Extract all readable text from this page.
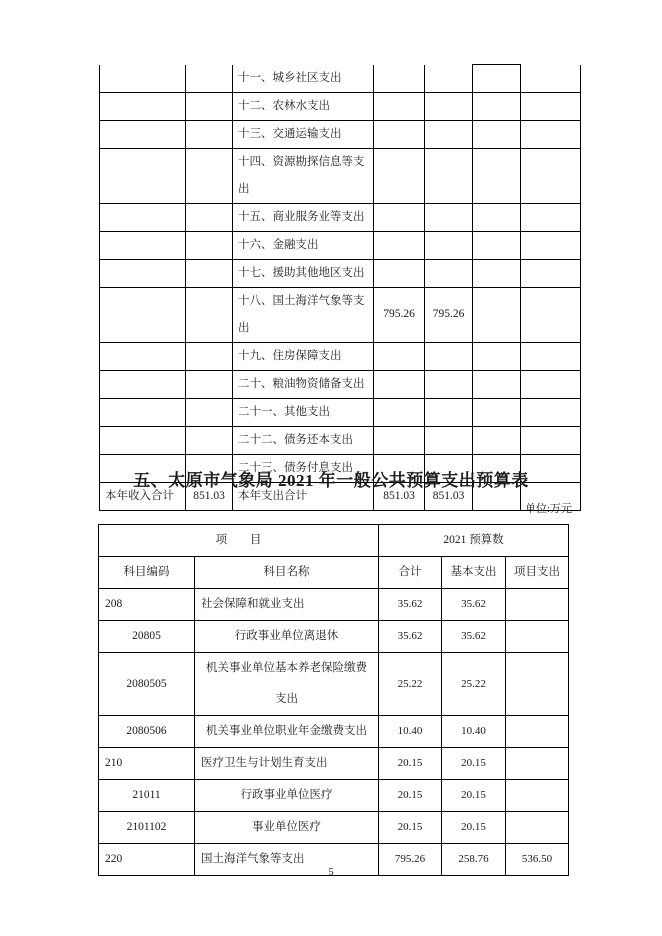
		十一、城乡社区支出				
		十二、农林水支出				
		十三、交通运输支出				
		十四、资源勘探信息等支出				
		十五、商业服务业等支出				
		十六、金融支出				
		十七、援助其他地区支出				
		十八、国土海洋气象等支出	795.26	795.26		
		十九、住房保障支出				
		二十、粮油物资储备支出				
		二十一、其他支出				
		二十二、债务还本支出				
		二十三、债务付息支出				
本年收入合计	851.03	本年支出合计	851.03	851.03		
五、太原市气象局 2021 年一般公共预算支出预算表
单位:万元
项 目		2021 预算数		
科目编码	科目名称	合计	基本支出	项目支出
208	社会保障和就业支出	35.62	35.62	
20805	行政事业单位离退休	35.62	35.62	
2080505	机关事业单位基本养老保险缴费支出	25.22	25.22	
2080506	机关事业单位职业年金缴费支出	10.40	10.40	
210	医疗卫生与计划生育支出	20.15	20.15	
21011	行政事业单位医疗	20.15	20.15	
2101102	事业单位医疗	20.15	20.15	
220	国土海洋气象等支出	795.26	258.76	536.50
5
